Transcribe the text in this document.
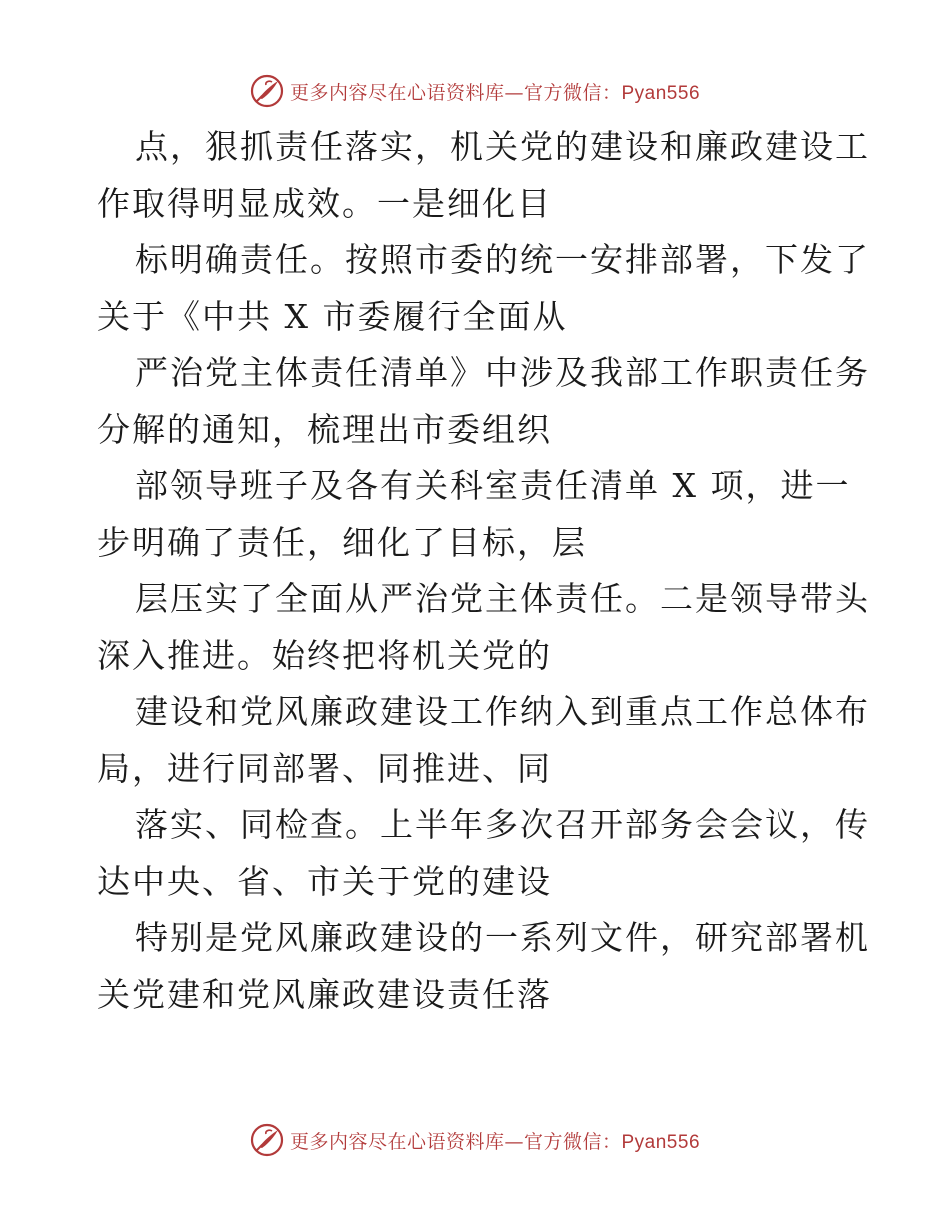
更多内容尽在心语资料库—官方微信：Pyan556
点，狠抓责任落实，机关党的建设和廉政建设工
作取得明显成效。一是细化目
标明确责任。按照市委的统一安排部署，下发了
关于《中共 X 市委履行全面从
严治党主体责任清单》中涉及我部工作职责任务
分解的通知，梳理出市委组织
部领导班子及各有关科室责任清单 X 项，进一
步明确了责任，细化了目标，层
层压实了全面从严治党主体责任。二是领导带头
深入推进。始终把将机关党的
建设和党风廉政建设工作纳入到重点工作总体布
局，进行同部署、同推进、同
落实、同检查。上半年多次召开部务会会议，传
达中央、省、市关于党的建设
特别是党风廉政建设的一系列文件，研究部署机
关党建和党风廉政建设责任落
更多内容尽在心语资料库—官方微信：Pyan556
